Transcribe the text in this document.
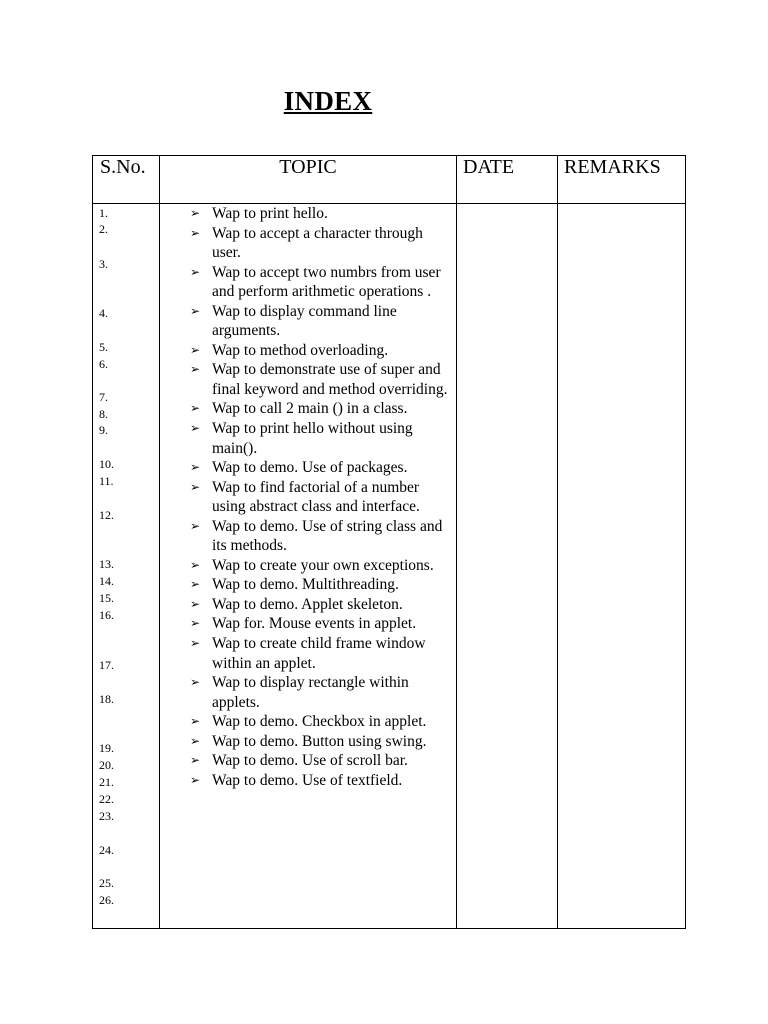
INDEX
S.No.	TOPIC	DATE REMARKS
1.
2.
3.
4.
5.
6.
7.
8.
9.
10.
11.
12.
13.
14.
15.
16.
17.
18.
19.
20.
21.
22.
23.
24.
25.
26.
➢ Wap to print hello.
➢ Wap to accept a character through user.
➢ Wap to accept two numbrs from user and perform arithmetic operations .
➢ Wap to display command line arguments.
➢ Wap to method overloading.
➢ Wap to demonstrate use of super and final keyword and method overriding.
➢ Wap to call 2 main () in a class.
➢ Wap to print hello without using main().
➢ Wap to demo. Use of packages.
➢ Wap to find factorial of a number using abstract class and interface.
➢ Wap to demo. Use of string class and its methods.
➢ Wap to create your own exceptions.
➢ Wap to demo. Multithreading.
➢ Wap to demo. Applet skeleton.
➢ Wap for. Mouse events in applet.
➢ Wap to create child frame window within an applet.
➢ Wap to display rectangle within applets.
➢ Wap to demo. Checkbox in applet.
➢ Wap to demo. Button using swing.
➢ Wap to demo. Use of scroll bar.
➢ Wap to demo. Use of textfield.
